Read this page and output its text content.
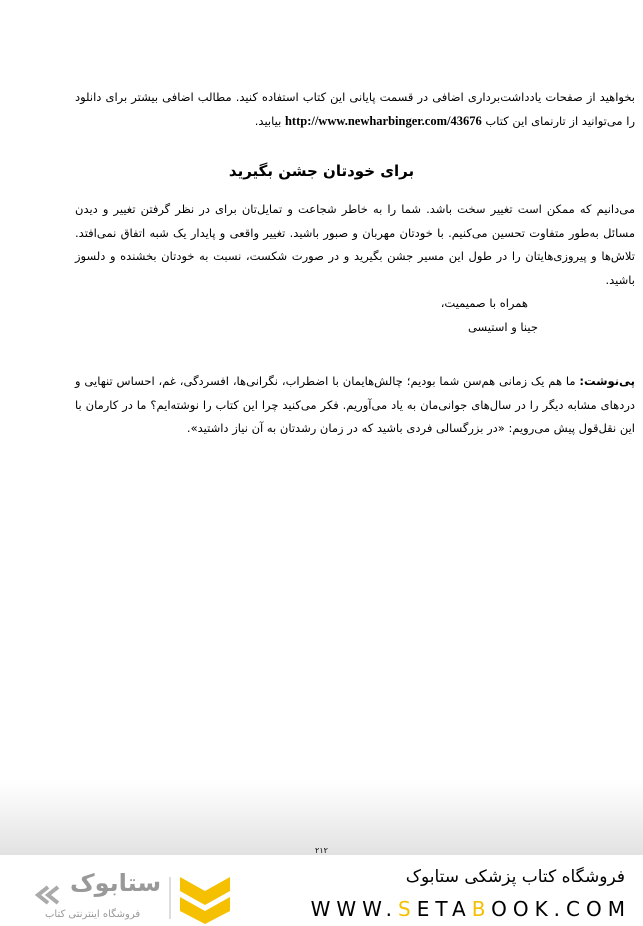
بخواهید از صفحات یادداشت‌برداری اضافی در قسمت پایانی این کتاب استفاده کنید. مطالب اضافی بیشتر برای دانلود را می‌توانید از تارنمای این کتاب http://www.newharbinger.com/43676 بیابید.
برای خودتان جشن بگیرید
می‌دانیم که ممکن است تغییر سخت باشد. شما را به خاطر شجاعت و تمایل‌تان برای در نظر گرفتن تغییر و دیدن مسائل به‌طور متفاوت تحسین می‌کنیم. با خودتان مهربان و صبور باشید. تغییر واقعی و پایدار یک شبه اتفاق نمی‌افتد. تلاش‌ها و پیروزی‌هایتان را در طول این مسیر جشن بگیرید و در صورت شکست، نسبت به خودتان بخشنده و دلسوز باشید.
همراه با صمیمیت،
جینا و استیسی
پی‌نوشت: ما هم یک زمانی هم‌سن شما بودیم؛ چالش‌هایمان با اضطراب، نگرانی‌ها، افسردگی، غم، احساس تنهایی و دردهای مشابه دیگر را در سال‌های جوانی‌مان به یاد می‌آوریم. فکر می‌کنید چرا این کتاب را نوشته‌ایم؟ ما در کارمان با این نقل‌قول پیش می‌رویم: «در بزرگسالی فردی باشید که در زمان رشدتان به آن نیاز داشتید».
۲۱۲
ستابوک
فروشگاه اینترنتی کتاب
فروشگاه کتاب پزشکی ستابوک
WWW.SETABOOK.COM
